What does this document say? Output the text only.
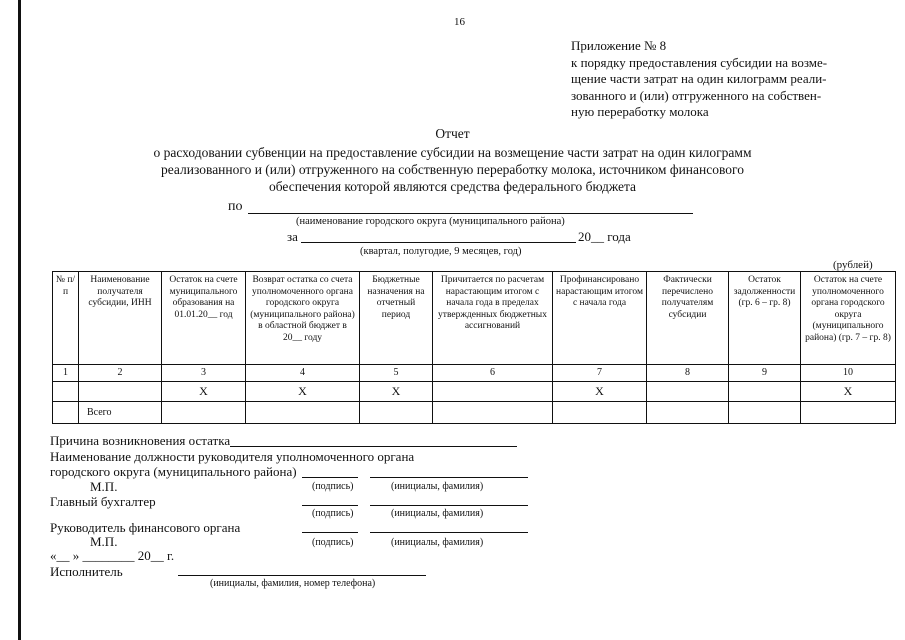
16
Приложение № 8
к порядку предоставления субсидии на возме-
щение части затрат на один килограмм реали-
зованного и (или) отгруженного на собствен-
ную переработку молока
Отчет
о расходовании субвенции на предоставление субсидии на возмещение части затрат на один килограмм
реализованного и (или) отгруженного на собственную переработку молока, источником финансового
обеспечения которой являются средства федерального бюджета
по
(наименование городского округа (муниципального района)
за	20__ года
(квартал, полугодие, 9 месяцев, год)
(рублей)
№ п/п	Наименование получателя субсидии, ИНН	Остаток на счете муниципального образования на 01.01.20__ год	Возврат остатка со счета уполномоченного органа городского округа (муниципального района) в областной бюджет в 20__ году	Бюджетные назначения на отчетный период	Причитается по расчетам нарастающим итогом с начала года в пределах утвержденных бюджетных ассигнований	Профинансировано нарастающим итогом с начала года	Фактически перечислено получателям субсидии	Остаток задолженности (гр. 6 – гр. 8)	Остаток на счете уполномоченного органа городского округа (муниципального района) (гр. 7 – гр. 8)
1	2	3	4	5	6	7	8	9	10
		Х	Х	Х		Х			Х
	Всего								
Причина возникновения остатка
Наименование должности руководителя уполномоченного органа
городского округа (муниципального района)
М.П.	(подпись)	(инициалы, фамилия)
Главный бухгалтер
(подпись)	(инициалы, фамилия)
Руководитель финансового органа
М.П.	(подпись)	(инициалы, фамилия)
«__ » ________ 20__ г.
Исполнитель
(инициалы, фамилия, номер телефона)
